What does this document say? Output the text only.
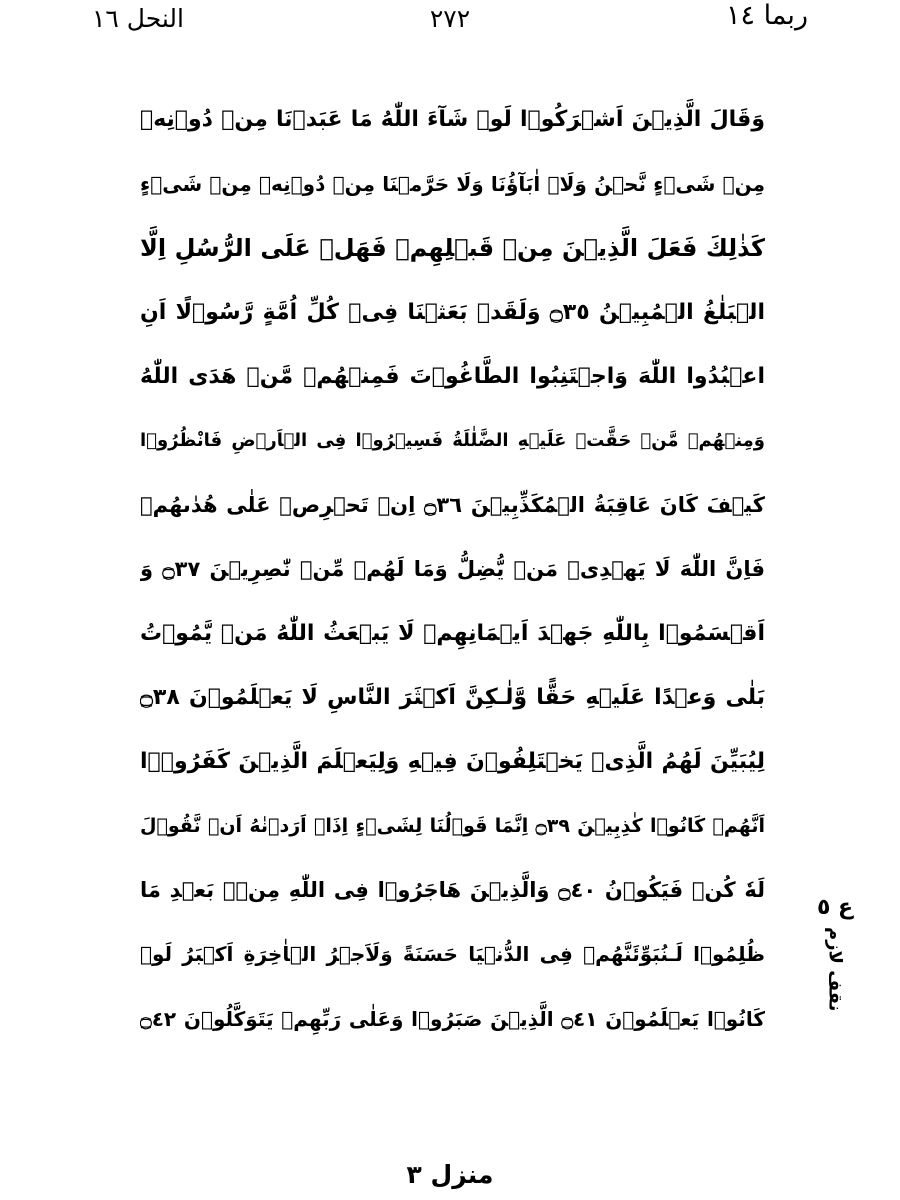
النحل ١٦	٢٧٢	ربما ١٤
وَقَالَ الَّذِيۡنَ اَشۡرَكُوۡا لَوۡ شَآءَ اللّٰهُ مَا عَبَدۡنَا مِنۡ دُوۡنِهٖ
مِنۡ شَىۡءٍ نَّحۡنُ وَلَاۤ اٰبَآؤُنَا وَلَا حَرَّمۡنَا مِنۡ دُوۡنِهٖ مِنۡ شَىۡءٍ
كَذٰلِكَ فَعَلَ الَّذِيۡنَ مِنۡ قَبۡلِهِمۡ فَهَلۡ عَلَى الرُّسُلِ اِلَّا
الۡبَلٰغُ الۡمُبِيۡنُ ۝٣٥ وَلَقَدۡ بَعَثۡنَا فِىۡ كُلِّ اُمَّةٍ رَّسُوۡلًا اَنِ
اعۡبُدُوا اللّٰهَ وَاجۡتَنِبُوا الطَّاغُوۡتَ فَمِنۡهُمۡ مَّنۡ هَدَى اللّٰهُ
وَمِنۡهُمۡ مَّنۡ حَقَّتۡ عَلَيۡهِ الضَّلٰلَةُ فَسِيۡرُوۡا فِى الۡاَرۡضِ فَانْظُرُوۡا
كَيۡفَ كَانَ عَاقِبَةُ الۡمُكَذِّبِيۡنَ ۝٣٦ اِنۡ تَحۡرِصۡ عَلٰى هُدٰٮهُمۡ
فَاِنَّ اللّٰهَ لَا يَهۡدِىۡ مَنۡ يُّضِلُّ وَمَا لَهُمۡ مِّنۡ نّٰصِرِيۡنَ ۝٣٧ وَ
اَقۡسَمُوۡا بِاللّٰهِ جَهۡدَ اَيۡمَانِهِمۡ لَا يَبۡعَثُ اللّٰهُ مَنۡ يَّمُوۡتُ
بَلٰى وَعۡدًا عَلَيۡهِ حَقًّا وَّلٰـكِنَّ اَكۡثَرَ النَّاسِ لَا يَعۡلَمُوۡنَ ۝٣٨
لِيُبَيِّنَ لَهُمُ الَّذِىۡ يَخۡتَلِفُوۡنَ فِيۡهِ وَلِيَعۡلَمَ الَّذِيۡنَ كَفَرُوۡۤا
اَنَّهُمۡ كَانُوۡا كٰذِبِيۡنَ ۝٣٩ اِنَّمَا قَوۡلُنَا لِشَىۡءٍ اِذَاۤ اَرَدۡنٰهُ اَنۡ نَّقُوۡلَ
لَهٗ كُنۡ فَيَكُوۡنُ ۝٤٠ وَالَّذِيۡنَ هَاجَرُوۡا فِى اللّٰهِ مِنۡۢ بَعۡدِ مَا
ظُلِمُوۡا لَـنُبَوِّئَنَّهُمۡ فِى الدُّنۡيَا حَسَنَةً وَلَاَجۡرُ الۡاٰخِرَةِ اَكۡبَرُ لَوۡ
كَانُوۡا يَعۡلَمُوۡنَ ۝٤١ الَّذِيۡنَ صَبَرُوۡا وَعَلٰى رَبِّهِمۡ يَتَوَكَّلُوۡنَ ۝٤٢
ع ٥
نقف لازم
منزل ٣
